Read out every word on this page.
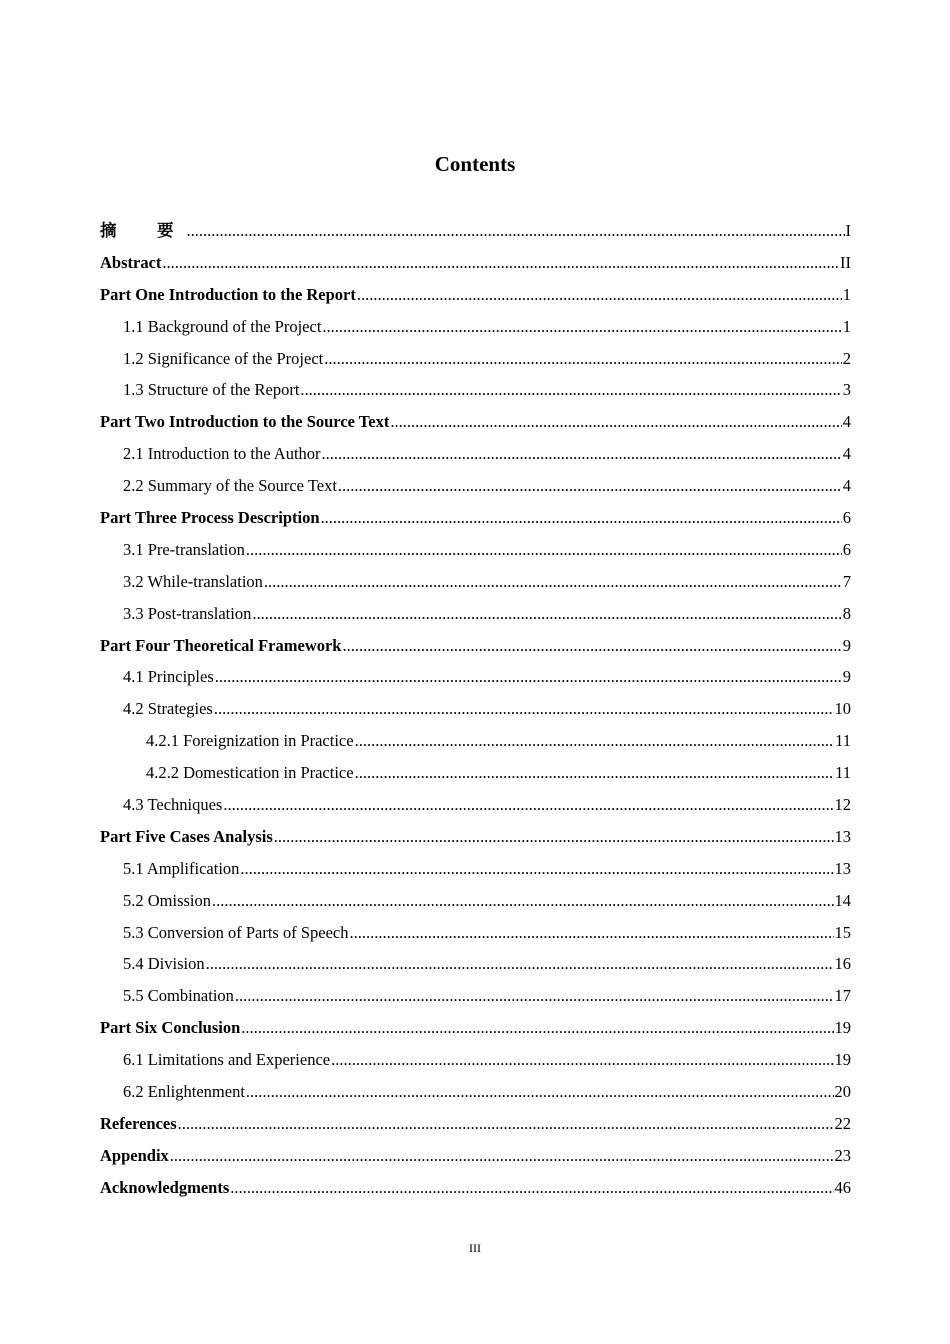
Contents
摘　要 .....	I
Abstract .....	II
Part One Introduction to the Report .....	1
1.1 Background of the Project .....	1
1.2 Significance of the Project .....	2
1.3 Structure of the Report .....	3
Part Two Introduction to the Source Text .....	4
2.1 Introduction to the Author .....	4
2.2 Summary of the Source Text .....	4
Part Three Process Description .....	6
3.1 Pre-translation .....	6
3.2 While-translation .....	7
3.3 Post-translation .....	8
Part Four Theoretical Framework .....	9
4.1 Principles .....	9
4.2 Strategies .....	10
4.2.1 Foreignization in Practice .....	11
4.2.2 Domestication in Practice .....	11
4.3 Techniques .....	12
Part Five Cases Analysis .....	13
5.1 Amplification .....	13
5.2 Omission .....	14
5.3 Conversion of Parts of Speech .....	15
5.4 Division .....	16
5.5 Combination .....	17
Part Six Conclusion .....	19
6.1 Limitations and Experience .....	19
6.2 Enlightenment .....	20
References .....	22
Appendix .....	23
Acknowledgments .....	46
III
